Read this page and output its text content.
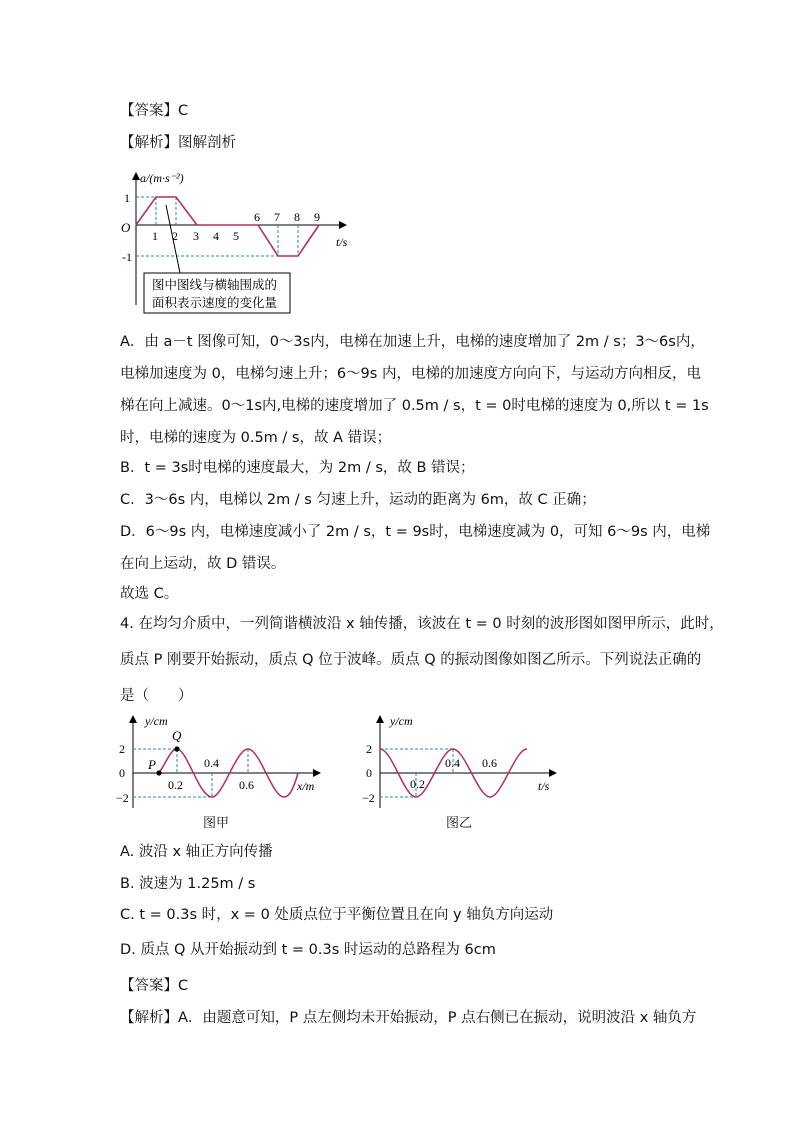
【答案】C
【解析】图解剖析
a/(m·s⁻²)
t/s
O
1
-1
1 2 3 4 5
6 7 8 9
图中图线与横轴围成的
面积表示速度的变化量
A．由 a－t 图像可知，0～3s内，电梯在加速上升，电梯的速度增加了 2m / s；3～6s内，
电梯加速度为 0，电梯匀速上升；6～9s 内，电梯的加速度方向向下，与运动方向相反，电
梯在向上减速。0～1s内,电梯的速度增加了 0.5m / s，t = 0时电梯的速度为 0,所以 t = 1s
时，电梯的速度为 0.5m / s，故 A 错误；
B．t = 3s时电梯的速度最大，为 2m / s，故 B 错误；
C．3～6s 内，电梯以 2m / s 匀速上升，运动的距离为 6m，故 C 正确；
D．6～9s 内，电梯速度减小了 2m / s，t = 9s时，电梯速度减为 0，可知 6～9s 内，电梯
在向上运动，故 D 错误。
故选 C。
4. 在均匀介质中，一列简谐横波沿 x 轴传播，该波在 t = 0 时刻的波形图如图甲所示，此时，
质点 P 刚要开始振动，质点 Q 位于波峰。质点 Q 的振动图像如图乙所示。下列说法正确的
是（　　）
y/cm
x/m
2
0
−2
0.2
0.4
0.6
P
Q
图甲
y/cm
t/s
2
0
−2
0.2
0.4 0.6
图乙
A. 波沿 x 轴正方向传播
B. 波速为 1.25m / s
C. t = 0.3s 时，x = 0 处质点位于平衡位置且在向 y 轴负方向运动
D. 质点 Q 从开始振动到 t = 0.3s 时运动的总路程为 6cm
【答案】C
【解析】A．由题意可知，P 点左侧均未开始振动，P 点右侧已在振动，说明波沿 x 轴负方
